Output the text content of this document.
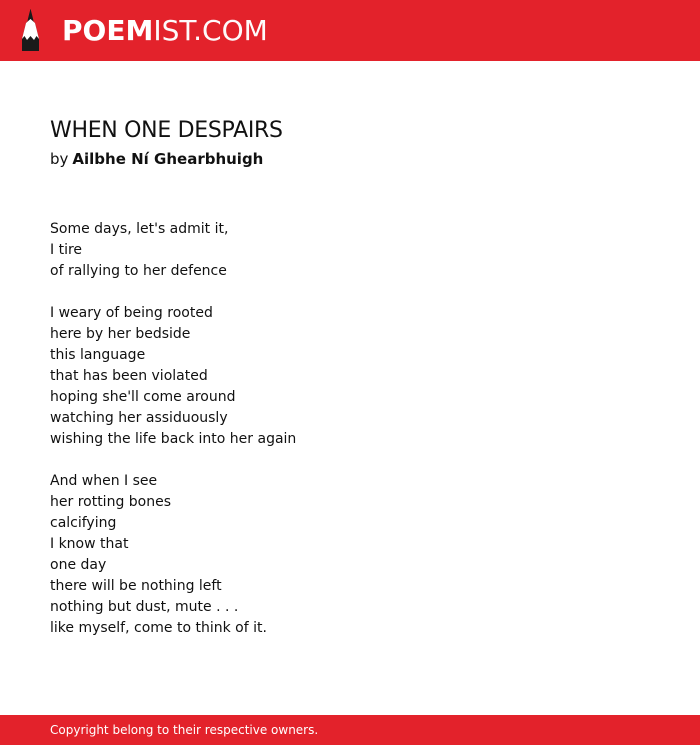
POEMIST.COM
WHEN ONE DESPAIRS

by Ailbhe Ní Ghearbhuigh

Some days, let's admit it,
I tire
of rallying to her defence
I weary of being rooted
here by her bedside
this language
that has been violated
hoping she'll come around
watching her assiduously
wishing the life back into her again
And when I see
her rotting bones
calcifying
I know that
one day
there will be nothing left
nothing but dust, mute . . .
like myself, come to think of it.
Copyright belong to their respective owners.
